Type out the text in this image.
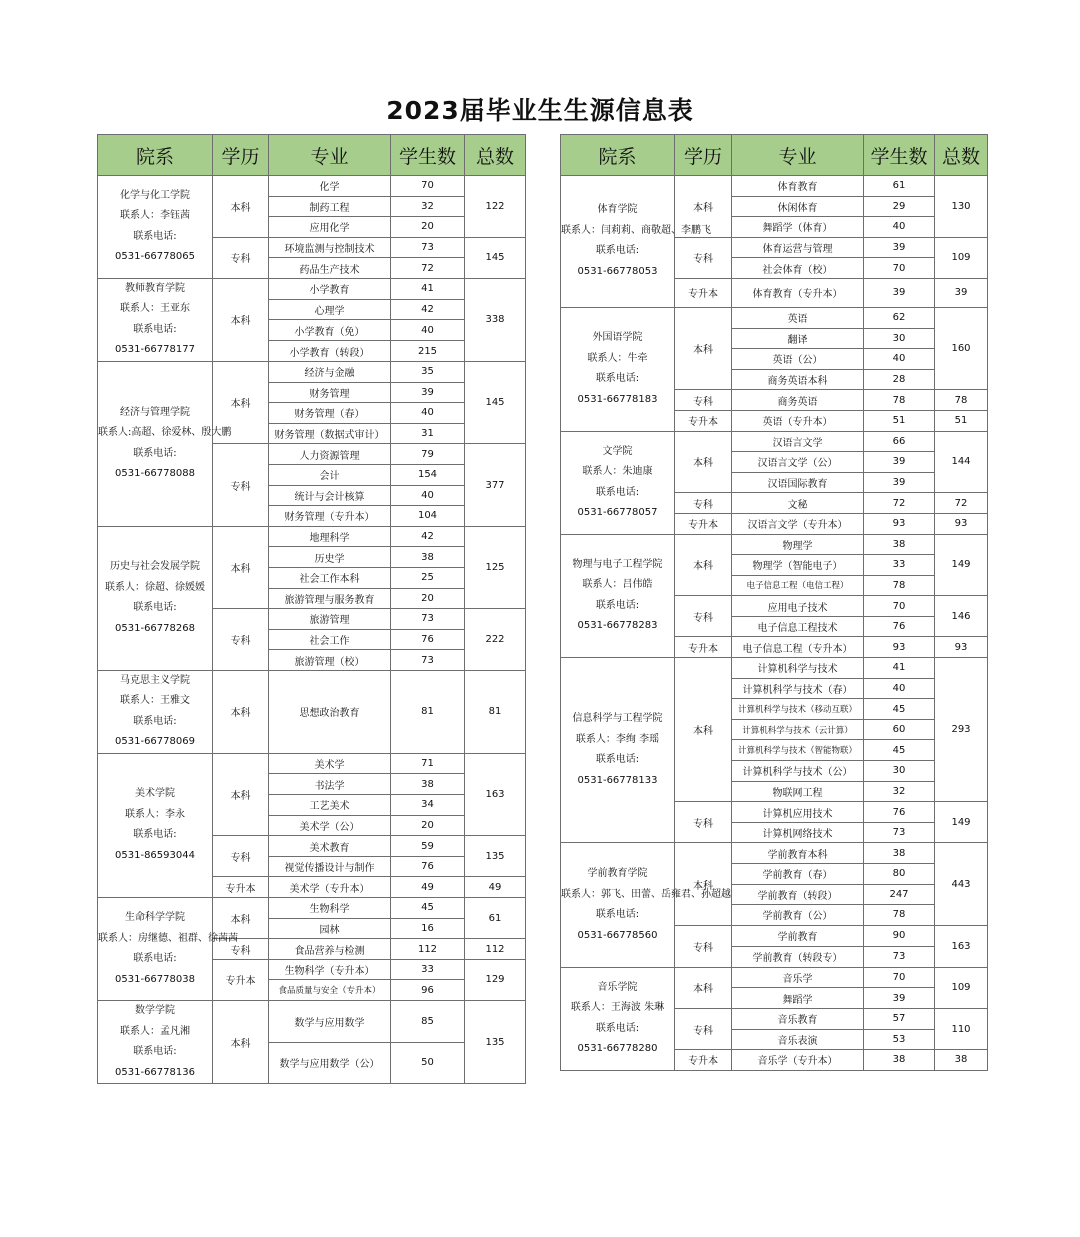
2023届毕业生生源信息表
院系	学历	专业	学生数	总数

化学与化工学院
联系人：李钰茜
联系电话:
0531-66778065	本科	化学	70	122
		制药工程	32	
		应用化学	20	
	专科	环境监测与控制技术	73	145
		药品生产技术	72	

教师教育学院
联系人：王亚东
联系电话:
0531-66778177	本科	小学教育	41	338
		心理学	42	
		小学教育（免）	40	
		小学教育（转段）	215	

经济与管理学院
联系人:高超、徐爱林、殷大鹏
联系电话:
0531-66778088	本科	经济与金融	35	145
		财务管理	39	
		财务管理（春）	40	
		财务管理（数据式审计）	31	
	专科	人力资源管理	79	377
		会计	154	
		统计与会计核算	40	
		财务管理（专升本）	104	

历史与社会发展学院
联系人：徐超、徐媛媛
联系电话:
0531-66778268	本科	地理科学	42	125
		历史学	38	
		社会工作本科	25	
		旅游管理与服务教育	20	
	专科	旅游管理	73	222
		社会工作	76	
		旅游管理（校）	73	

马克思主义学院
联系人：王雅文
联系电话:
0531-66778069	本科	思想政治教育	81	81

美术学院
联系人：李永
联系电话:
0531-86593044	本科	美术学	71	163
		书法学	38	
		工艺美术	34	
		美术学（公）	20	
	专科	美术教育	59	135
		视觉传播设计与制作	76	
	专升本	美术学（专升本）	49	49

生命科学学院
联系人：房继德、祖群、徐茜茜
联系电话:
0531-66778038	本科	生物科学	45	61
		园林	16	
	专科	食品营养与检测	112	112
	专升本	生物科学（专升本）	33	129
		食品质量与安全（专升本）	96	

数学学院
联系人：孟凡湘
联系电话:
0531-66778136	本科	数学与应用数学	85	135
		数学与应用数学（公）	50	
院系	学历	专业	学生数	总数

体育学院
联系人：闫莉莉、商敬超、李鹏飞
联系电话:
0531-66778053	本科	体育教育	61	130
		休闲体育	29	
		舞蹈学（体育）	40	
	专科	体育运营与管理	39	109
		社会体育（校）	70	
	专升本	体育教育（专升本）	39	39

外国语学院
联系人：牛牵
联系电话:
0531-66778183	本科	英语	62	160
		翻译	30	
		英语（公）	40	
		商务英语本科	28	
	专科	商务英语	78	78
	专升本	英语（专升本）	51	51

文学院
联系人：朱迪康
联系电话:
0531-66778057	本科	汉语言文学	66	144
		汉语言文学（公）	39	
		汉语国际教育	39	
	专科	文秘	72	72
	专升本	汉语言文学（专升本）	93	93

物理与电子工程学院
联系人：吕伟皓
联系电话:
0531-66778283	本科	物理学	38	149
		物理学（智能电子）	33	
		电子信息工程（电信工程）	78	
	专科	应用电子技术	70	146
		电子信息工程技术	76	
	专升本	电子信息工程（专升本）	93	93

信息科学与工程学院
联系人：李绚 李瑶
联系电话:
0531-66778133	本科	计算机科学与技术	41	293
		计算机科学与技术（春）	40	
		计算机科学与技术（移动互联）	45	
		计算机科学与技术（云计算）	60	
		计算机科学与技术（智能物联）	45	
		计算机科学与技术（公）	30	
		物联网工程	32	
	专科	计算机应用技术	76	149
		计算机网络技术	73	

学前教育学院
联系人：郭飞、田蕾、岳雍君、孙超越
联系电话:
0531-66778560	本科	学前教育本科	38	443
		学前教育（春）	80	
		学前教育（转段）	247	
		学前教育（公）	78	
	专科	学前教育	90	163
		学前教育（转段专）	73	

音乐学院
联系人：王海波 朱琳
联系电话:
0531-66778280	本科	音乐学	70	109
		舞蹈学	39	
	专科	音乐教育	57	110
		音乐表演	53	
	专升本	音乐学（专升本）	38	38
